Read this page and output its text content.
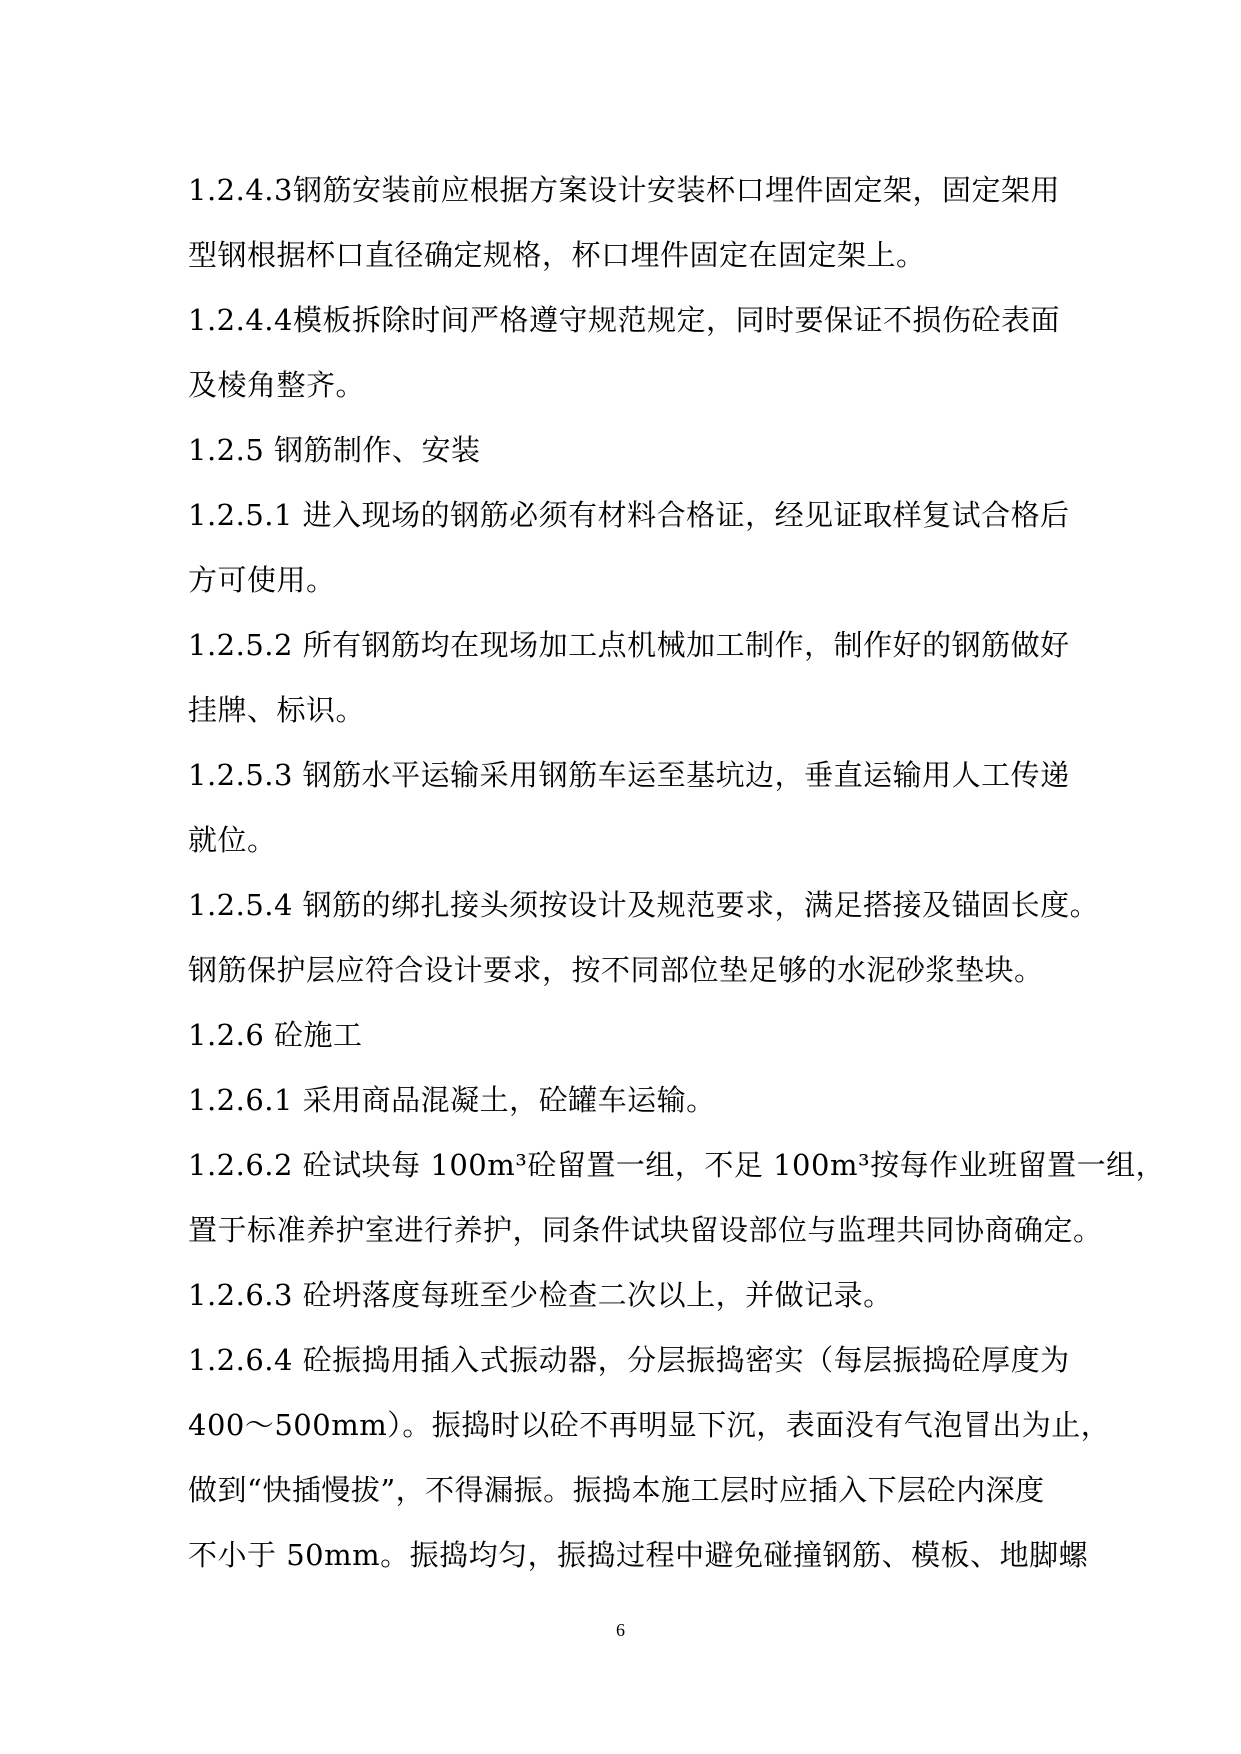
1.2.4.3钢筋安装前应根据方案设计安装杯口埋件固定架，固定架用
型钢根据杯口直径确定规格，杯口埋件固定在固定架上。
1.2.4.4模板拆除时间严格遵守规范规定，同时要保证不损伤砼表面
及棱角整齐。
1.2.5 钢筋制作、安装
1.2.5.1 进入现场的钢筋必须有材料合格证，经见证取样复试合格后
方可使用。
1.2.5.2 所有钢筋均在现场加工点机械加工制作，制作好的钢筋做好
挂牌、标识。
1.2.5.3 钢筋水平运输采用钢筋车运至基坑边，垂直运输用人工传递
就位。
1.2.5.4 钢筋的绑扎接头须按设计及规范要求，满足搭接及锚固长度。
钢筋保护层应符合设计要求，按不同部位垫足够的水泥砂浆垫块。
1.2.6 砼施工
1.2.6.1 采用商品混凝土，砼罐车运输。
1.2.6.2 砼试块每 100m³砼留置一组，不足 100m³按每作业班留置一组，
置于标准养护室进行养护，同条件试块留设部位与监理共同协商确定。
1.2.6.3 砼坍落度每班至少检查二次以上，并做记录。
1.2.6.4 砼振捣用插入式振动器，分层振捣密实（每层振捣砼厚度为
400～500mm）。振捣时以砼不再明显下沉，表面没有气泡冒出为止，
做到“快插慢拔”，不得漏振。振捣本施工层时应插入下层砼内深度
不小于 50mm。振捣均匀，振捣过程中避免碰撞钢筋、模板、地脚螺
6
